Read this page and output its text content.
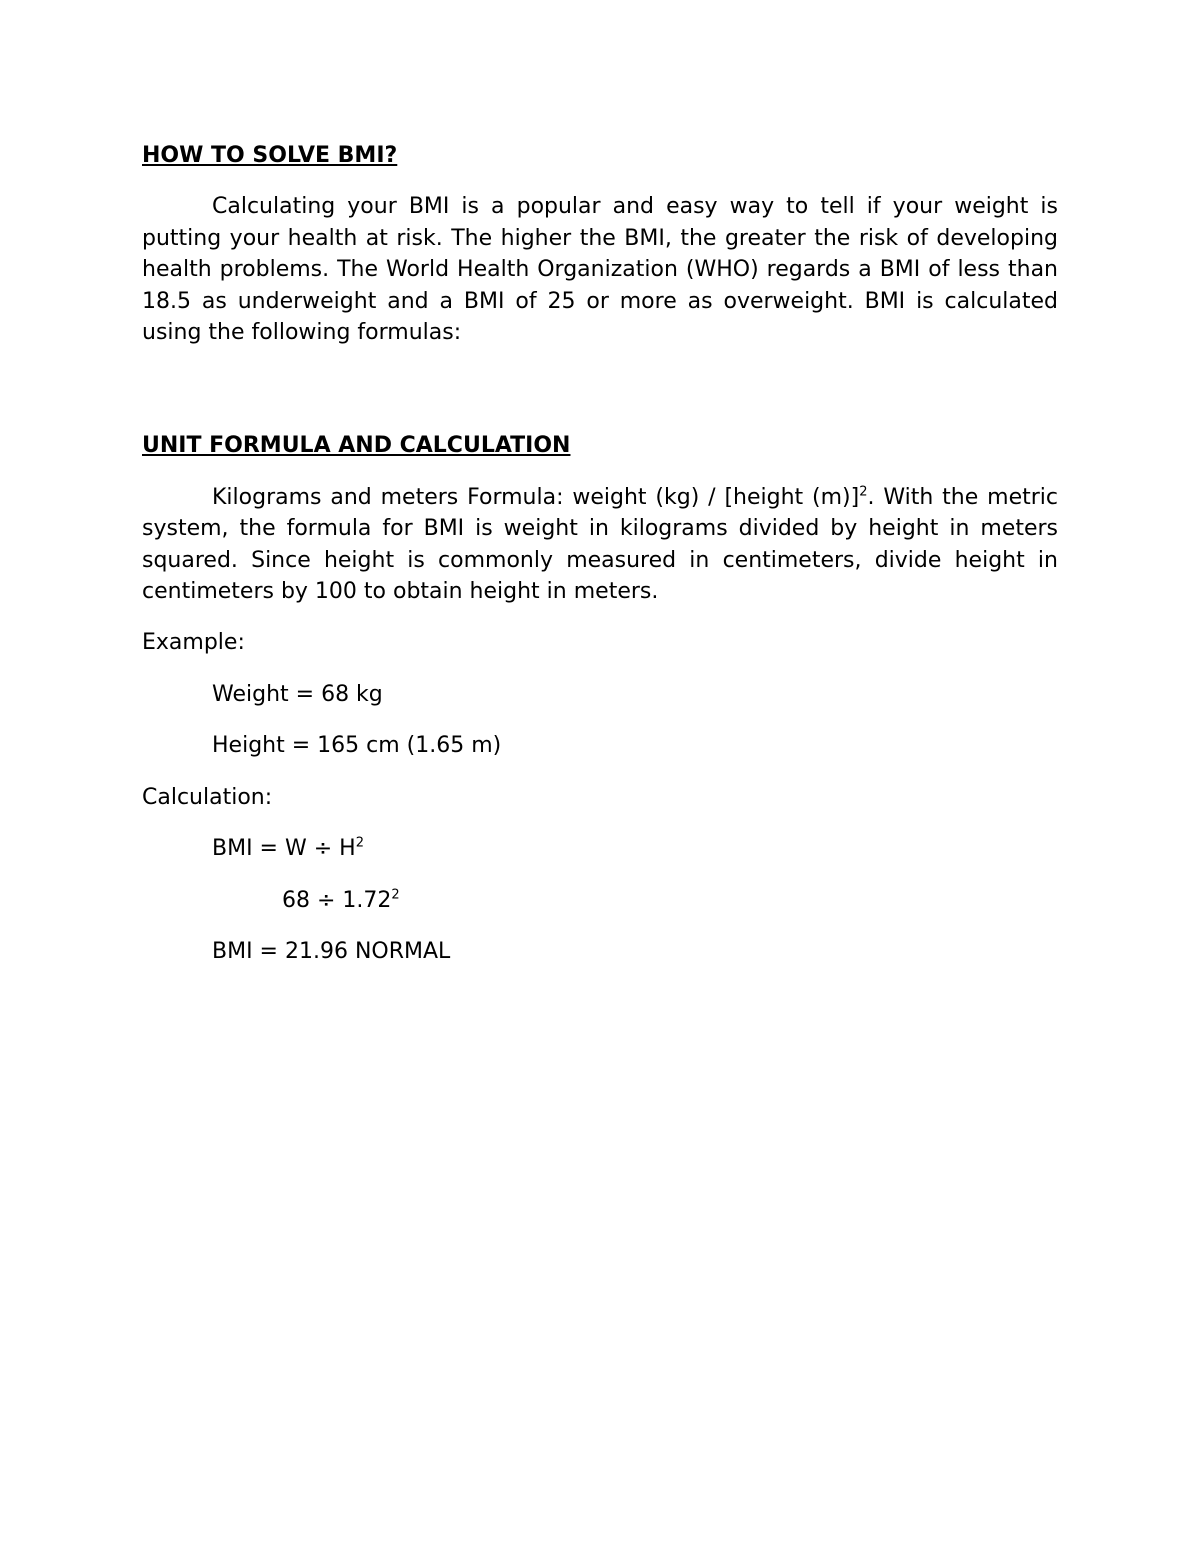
HOW TO SOLVE BMI?

Calculating your BMI is a popular and easy way to tell if your weight is putting your health at risk. The higher the BMI, the greater the risk of developing health problems. The World Health Organization (WHO) regards a BMI of less than 18.5 as underweight and a BMI of 25 or more as overweight. BMI is calculated using the following formulas:

UNIT FORMULA AND CALCULATION

Kilograms and meters Formula: weight (kg) / [height (m)]$^2$. With the metric system, the formula for BMI is weight in kilograms divided by height in meters squared. Since height is commonly measured in centimeters, divide height in centimeters by 100 to obtain height in meters.

Example:

Weight = 68 kg

Height = 165 cm (1.65 m)

Calculation:

BMI = $W \div H^2$

$68 \div 1.72^2$

BMI = 21.96 NORMAL
